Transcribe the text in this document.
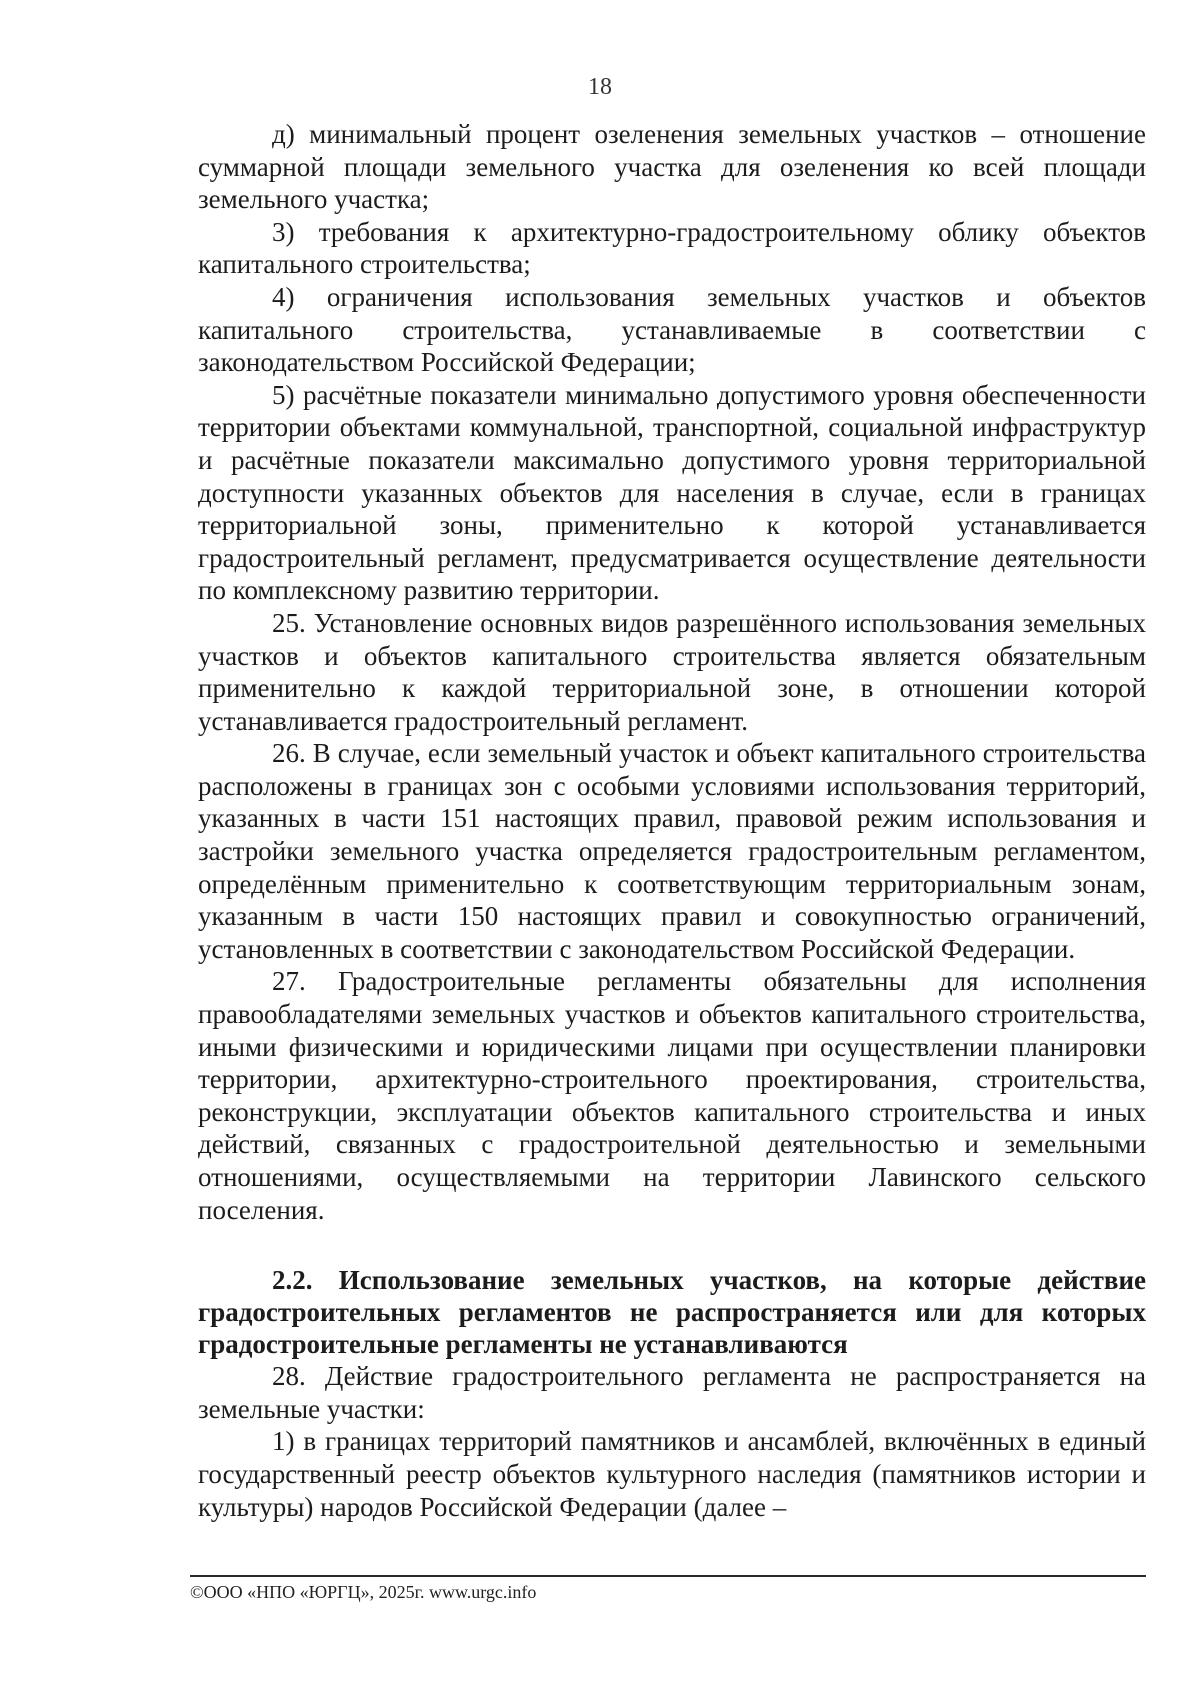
18

д) минимальный процент озеленения земельных участков – отношение суммарной площади земельного участка для озеленения ко всей площади земельного участка;

3) требования к архитектурно-градостроительному облику объектов капитального строительства;

4) ограничения использования земельных участков и объектов капитального строительства, устанавливаемые в соответствии с законодательством Российской Федерации;

5) расчётные показатели минимально допустимого уровня обеспеченности территории объектами коммунальной, транспортной, социальной инфраструктур и расчётные показатели максимально допустимого уровня территориальной доступности указанных объектов для населения в случае, если в границах территориальной зоны, применительно к которой устанавливается градостроительный регламент, предусматривается осуществление деятельности по комплексному развитию территории.

25. Установление основных видов разрешённого использования земельных участков и объектов капитального строительства является обязательным применительно к каждой территориальной зоне, в отношении которой устанавливается градостроительный регламент.

26. В случае, если земельный участок и объект капитального строительства расположены в границах зон с особыми условиями использования территорий, указанных в части 151 настоящих правил, правовой режим использования и застройки земельного участка определяется градостроительным регламентом, определённым применительно к соответствующим территориальным зонам, указанным в части 150 настоящих правил и совокупностью ограничений, установленных в соответствии с законодательством Российской Федерации.

27. Градостроительные регламенты обязательны для исполнения правообладателями земельных участков и объектов капитального строительства, иными физическими и юридическими лицами при осуществлении планировки территории, архитектурно-строительного проектирования, строительства, реконструкции, эксплуатации объектов капитального строительства и иных действий, связанных с градостроительной деятельностью и земельными отношениями, осуществляемыми на территории Лавинского сельского поселения.

2.2. Использование земельных участков, на которые действие градостроительных регламентов не распространяется или для которых градостроительные регламенты не устанавливаются

28. Действие градостроительного регламента не распространяется на земельные участки:

1) в границах территорий памятников и ансамблей, включённых в единый государственный реестр объектов культурного наследия (памятников истории и культуры) народов Российской Федерации (далее –

©ООО «НПО «ЮРГЦ», 2025г. www.urgc.info
